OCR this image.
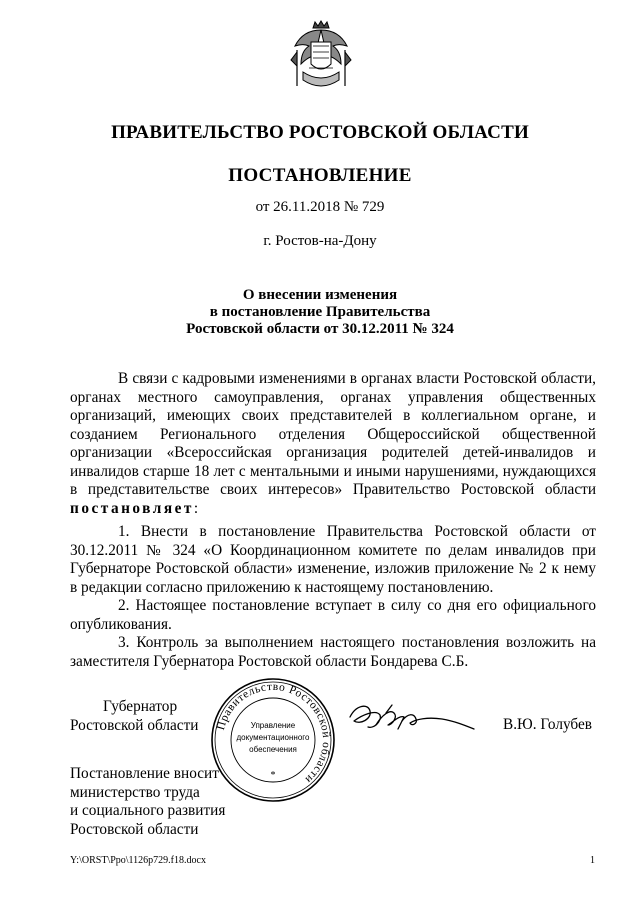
ПРАВИТЕЛЬСТВО РОСТОВСКОЙ ОБЛАСТИ
ПОСТАНОВЛЕНИЕ
от 26.11.2018 № 729
г. Ростов-на-Дону
О внесении изменения
в постановление Правительства
Ростовской области от 30.12.2011 № 324

В связи с кадровыми изменениями в органах власти Ростовской области, органах местного самоуправления, органах управления общественных организаций, имеющих своих представителей в коллегиальном органе, и созданием Регионального отделения Общероссийской общественной организации «Всероссийская организация родителей детей-инвалидов и инвалидов старше 18 лет с ментальными и иными нарушениями, нуждающихся в представительстве своих интересов» Правительство Ростовской области постановляет:

1. Внести в постановление Правительства Ростовской области от 30.12.2011 № 324 «О Координационном комитете по делам инвалидов при Губернаторе Ростовской области» изменение, изложив приложение № 2 к нему в редакции согласно приложению к настоящему постановлению.

2. Настоящее постановление вступает в силу со дня его официального опубликования.

3. Контроль за выполнением настоящего постановления возложить на заместителя Губернатора Ростовской области Бондарева С.Б.

Губернатор
Ростовской области	Правительство Ростовской области
Управление
документационного
обеспечения
*
В.Ю. Голубев
Постановление вносит
министерство труда
и социального развития
Ростовской области
Y:\ORST\Ppo\1126p729.f18.docx	1
